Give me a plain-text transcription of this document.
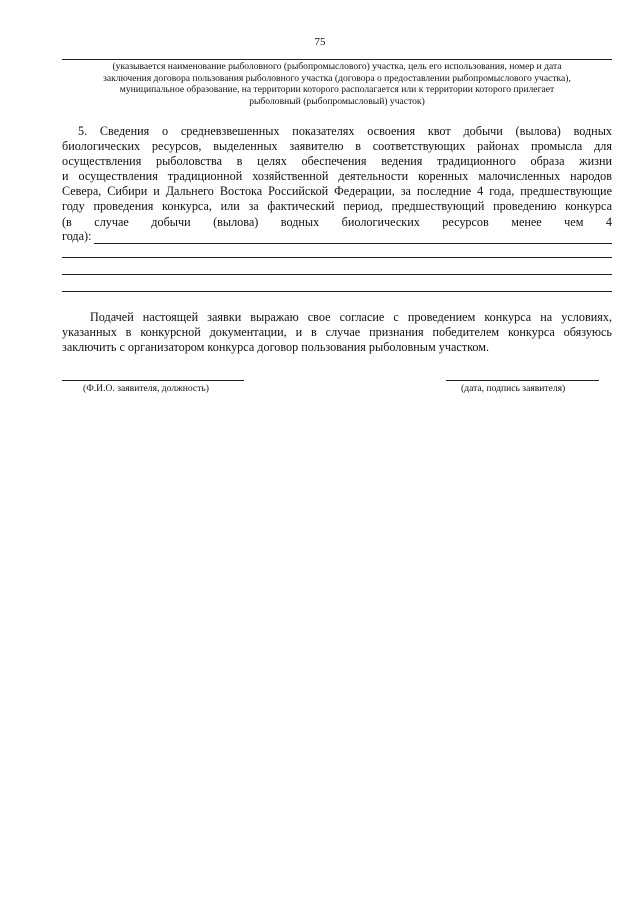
75
(указывается наименование рыболовного (рыбопромыслового) участка, цель его использования, номер и дата
заключения договора пользования рыболовного участка (договора о предоставлении рыбопромыслового участка),
муниципальное образование, на территории которого располагается или к территории которого прилегает
рыболовный (рыбопромысловый) участок)
5. Сведения о средневзвешенных показателях освоения квот добычи (вылова) водных
биологических ресурсов, выделенных заявителю в соответствующих районах промысла для
осуществления рыболовства в целях обеспечения ведения традиционного образа жизни
и осуществления традиционной хозяйственной деятельности коренных малочисленных народов
Севера, Сибири и Дальнего Востока Российской Федерации, за последние 4 года, предшествующие
году проведения конкурса, или за фактический период, предшествующий проведению конкурса
(в случае добычи (вылова) водных биологических ресурсов менее чем 4
года):
Подачей настоящей заявки выражаю свое согласие с проведением конкурса на условиях,
указанных в конкурсной документации, и в случае признания победителем конкурса обязуюсь
заключить с организатором конкурса договор пользования рыболовным участком.
(Ф.И.О. заявителя, должность)	(дата, подпись заявителя)
